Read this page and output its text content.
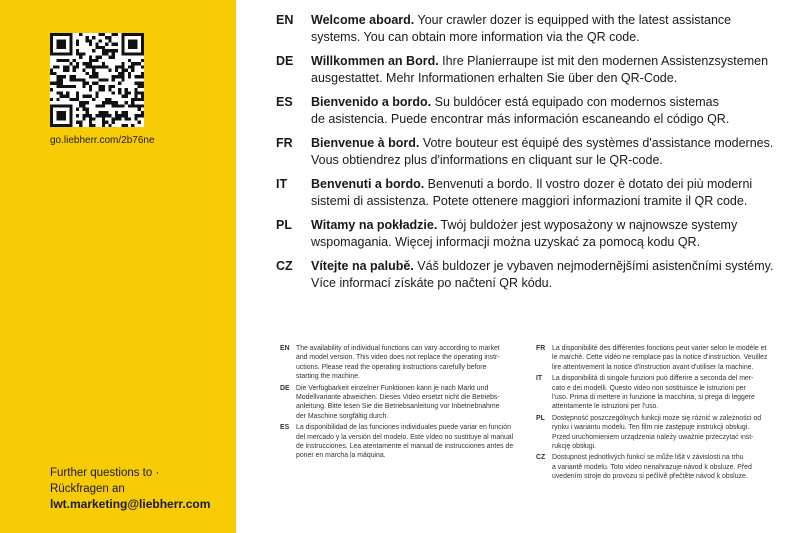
go.liebherr.com/2b76ne
Further questions to ·
Rückfragen an
lwt.marketing@liebherr.com
EN	Welcome aboard. Your crawler dozer is equipped with the latest assistance
systems. You can obtain more information via the QR code.
DE	Willkommen an Bord. Ihre Planierraupe ist mit den modernen Assistenzsystemen
ausgestattet. Mehr Informationen erhalten Sie über den QR-Code.
ES	Bienvenido a bordo. Su buldócer está equipado con modernos sistemas
de asistencia. Puede encontrar más información escaneando el código QR.
FR	Bienvenue à bord. Votre bouteur est équipé des systèmes d'assistance modernes.
Vous obtiendrez plus d'informations en cliquant sur le QR-code.
IT	Benvenuti a bordo. Benvenuti a bordo. Il vostro dozer è dotato dei più moderni
sistemi di assistenza. Potete ottenere maggiori informazioni tramite il QR code.
PL	Witamy na pokładzie. Twój buldożer jest wyposażony w najnowsze systemy
wspomagania. Więcej informacji można uzyskać za pomocą kodu QR.
CZ	Vítejte na palubě. Váš buldozer je vybaven nejmodernějšími asistenčními systémy.
Více informací získáte po načtení QR kódu.
EN The availability of individual functions can vary according to market
and model version. This video does not replace the operating instr-
uctions. Please read the operating instructions carefully before
starting the machine.
DE Die Verfügbarkeit einzelner Funktionen kann je nach Markt und
Modellvariante abweichen. Dieses Video ersetzt nicht die Betriebs-
anleitung. Bitte lesen Sie die Betriebsanleitung vor Inbetriebnahme
der Maschine sorgfältig durch.
ES La disponibilidad de las funciones individuales puede variar en función
del mercado y la versión del modelo. Este vídeo no sustituye al manual
de instrucciones. Lea atentamente el manual de instrucciones antes de
poner en marcha la máquina.
FR La disponibilité des différentes fonctions peut varier selon le modèle et
le marché. Cette vidéo ne remplace pas la notice d'instruction. Veuillez
lire attentivement la notice d'instruction avant d'utiliser la machine.
IT	La disponibilità di singole funzioni può differire a seconda del mer-
cato e dei modelli. Questo video non sostituisce le istruzioni per
l'uso. Prima di mettere in funzione la macchina, si prega di leggere
attentamente le istruzioni per l'uso.
PL	Dostępność poszczególnych funkcji może się różnić w zależności od
rynku i wariantu modelu. Ten film nie zastępuje instrukcji obsługi.
Przed uruchomieniem urządzenia należy uważnie przeczytać inst-
rukcję obsługi.
CZ Dostupnost jednotlivých funkcí se může lišit v závislosti na trhu
a variantě modelu. Toto video nenahrazuje návod k obsluze. Před
uvedením stroje do provozu si pečlivě přečtěte návod k obsluze.
